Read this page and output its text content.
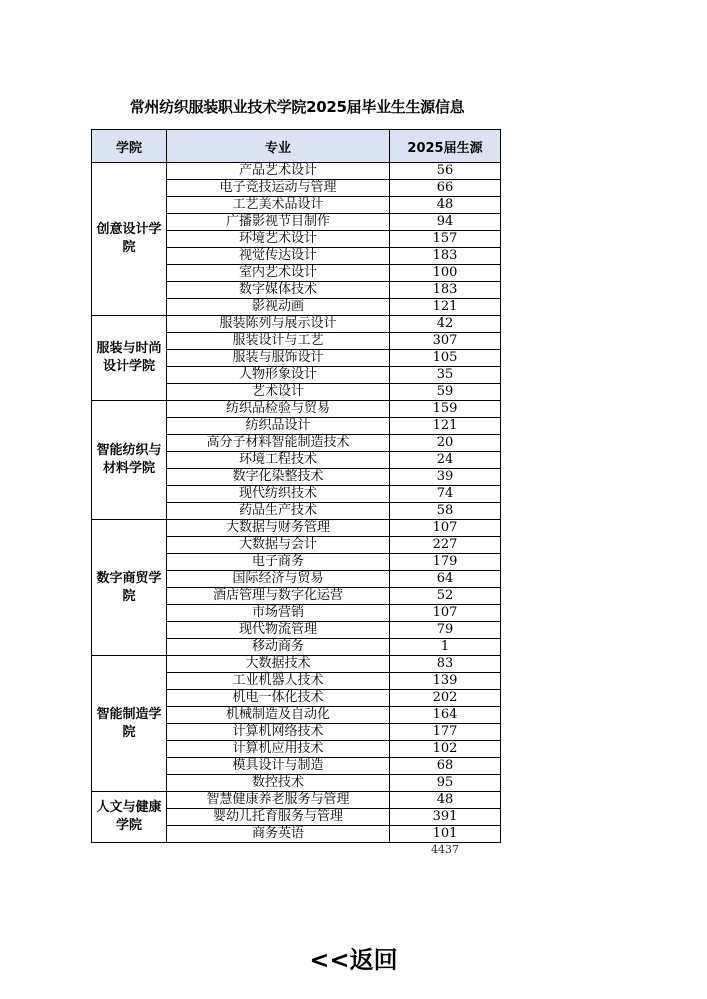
常州纺织服装职业技术学院2025届毕业生生源信息
学院	专业	2025届生源
创意设计学院	产品艺术设计	56
	电子竞技运动与管理	66
	工艺美术品设计	48
	广播影视节目制作	94
	环境艺术设计	157
	视觉传达设计	183
	室内艺术设计	100
	数字媒体技术	183
	影视动画	121
服装与时尚设计学院	服装陈列与展示设计	42
	服装设计与工艺	307
	服装与服饰设计	105
	人物形象设计	35
	艺术设计	59
智能纺织与材料学院	纺织品检验与贸易	159
	纺织品设计	121
	高分子材料智能制造技术	20
	环境工程技术	24
	数字化染整技术	39
	现代纺织技术	74
	药品生产技术	58
数字商贸学院	大数据与财务管理	107
	大数据与会计	227
	电子商务	179
	国际经济与贸易	64
	酒店管理与数字化运营	52
	市场营销	107
	现代物流管理	79
	移动商务	1
智能制造学院	大数据技术	83
	工业机器人技术	139
	机电一体化技术	202
	机械制造及自动化	164
	计算机网络技术	177
	计算机应用技术	102
	模具设计与制造	68
	数控技术	95
人文与健康学院	智慧健康养老服务与管理	48
	婴幼儿托育服务与管理	391
	商务英语	101
4437
<<返回
